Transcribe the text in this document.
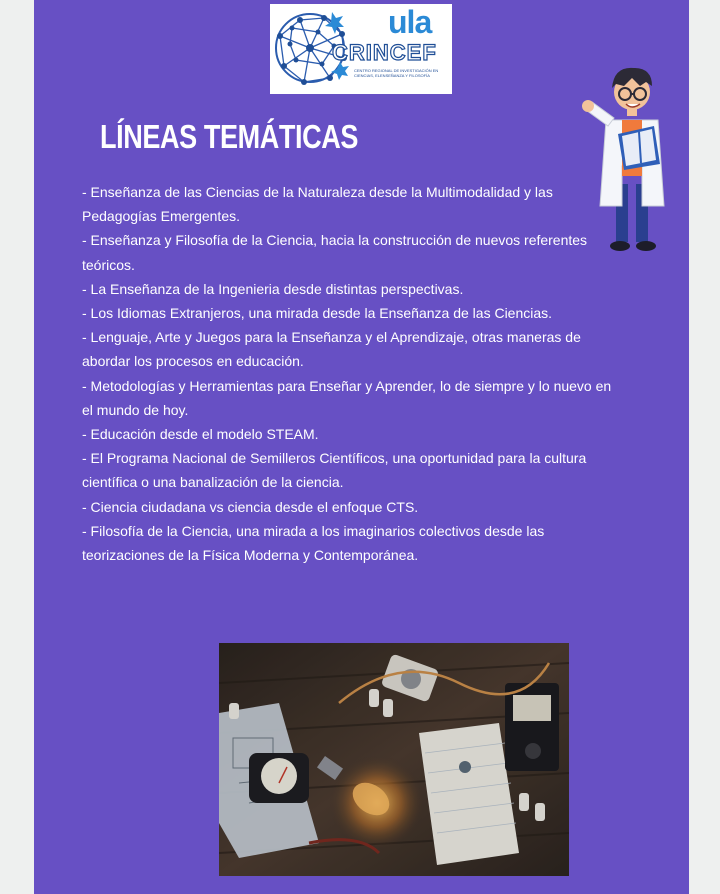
ula
CRINCEF
CENTRO REGIONAL DE INVESTIGACIÓN EN CIENCIAS, ELENSEÑANZA Y FILOSOFÍA
LÍNEAS TEMÁTICAS
- Enseñanza de las Ciencias de la Naturaleza desde la Multimodalidad y las Pedagogías Emergentes.
- Enseñanza y Filosofía de la Ciencia, hacia la construcción de nuevos referentes teóricos.
- La Enseñanza de la Ingenieria desde distintas perspectivas.
- Los Idiomas Extranjeros, una mirada desde la Enseñanza de las Ciencias.
- Lenguaje, Arte y Juegos para la Enseñanza y el Aprendizaje, otras maneras de abordar los procesos en educación.
- Metodologías y Herramientas para Enseñar y Aprender, lo de siempre y lo nuevo en el mundo de hoy.
- Educación desde el modelo STEAM.
- El Programa Nacional de Semilleros Científicos, una oportunidad para la cultura científica o una banalización de la ciencia.
- Ciencia ciudadana vs ciencia desde el enfoque CTS.
- Filosofía de la Ciencia, una mirada a los imaginarios colectivos desde las teorizaciones de la Física Moderna y Contemporánea.
